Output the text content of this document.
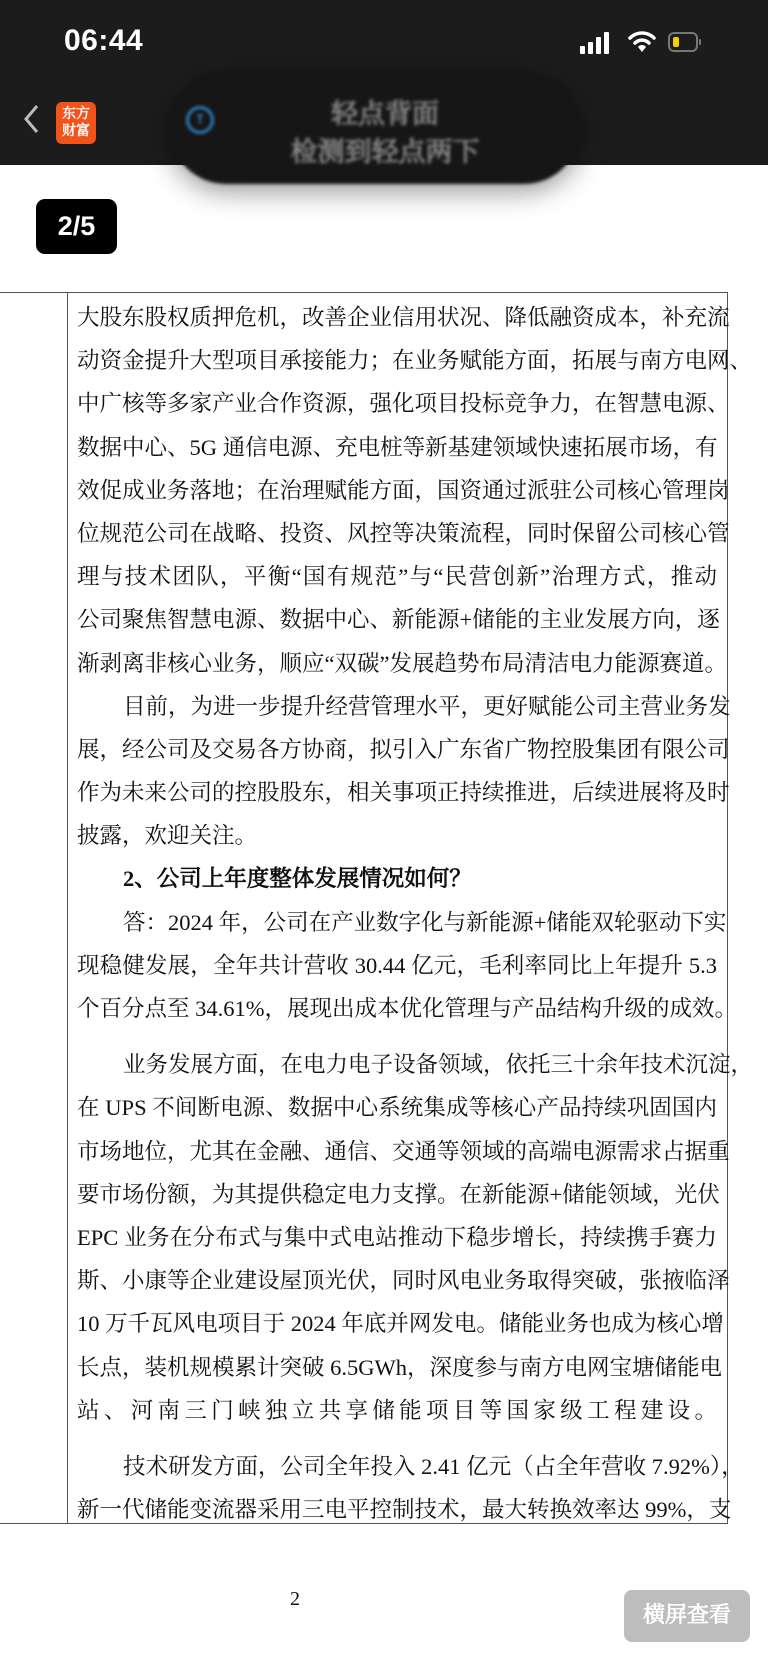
06:44
东方
财富
↑	轻点背面
检测到轻点两下
2/5
大股东股权质押危机，改善企业信用状况、降低融资成本，补充流
动资金提升大型项目承接能力；在业务赋能方面，拓展与南方电网、
中广核等多家产业合作资源，强化项目投标竞争力，在智慧电源、
数据中心、5G 通信电源、充电桩等新基建领域快速拓展市场，有
效促成业务落地；在治理赋能方面，国资通过派驻公司核心管理岗
位规范公司在战略、投资、风控等决策流程，同时保留公司核心管
理与技术团队，平衡“国有规范”与“民营创新”治理方式，推动
公司聚焦智慧电源、数据中心、新能源+储能的主业发展方向，逐
渐剥离非核心业务，顺应“双碳”发展趋势布局清洁电力能源赛道。
目前，为进一步提升经营管理水平，更好赋能公司主营业务发
展，经公司及交易各方协商，拟引入广东省广物控股集团有限公司
作为未来公司的控股股东，相关事项正持续推进，后续进展将及时
披露，欢迎关注。
2、公司上年度整体发展情况如何？
答：2024 年，公司在产业数字化与新能源+储能双轮驱动下实
现稳健发展，全年共计营收 30.44 亿元，毛利率同比上年提升 5.3
个百分点至 34.61%，展现出成本优化管理与产品结构升级的成效。
业务发展方面，在电力电子设备领域，依托三十余年技术沉淀，
在 UPS 不间断电源、数据中心系统集成等核心产品持续巩固国内
市场地位，尤其在金融、通信、交通等领域的高端电源需求占据重
要市场份额，为其提供稳定电力支撑。在新能源+储能领域，光伏
EPC 业务在分布式与集中式电站推动下稳步增长，持续携手赛力
斯、小康等企业建设屋顶光伏，同时风电业务取得突破，张掖临泽
10 万千瓦风电项目于 2024 年底并网发电。储能业务也成为核心增
长点，装机规模累计突破 6.5GWh，深度参与南方电网宝塘储能电
站、河南三门峡独立共享储能项目等国家级工程建设。
技术研发方面，公司全年投入 2.41 亿元（占全年营收 7.92%），
新一代储能变流器采用三电平控制技术，最大转换效率达 99%，支
2
横屏查看
